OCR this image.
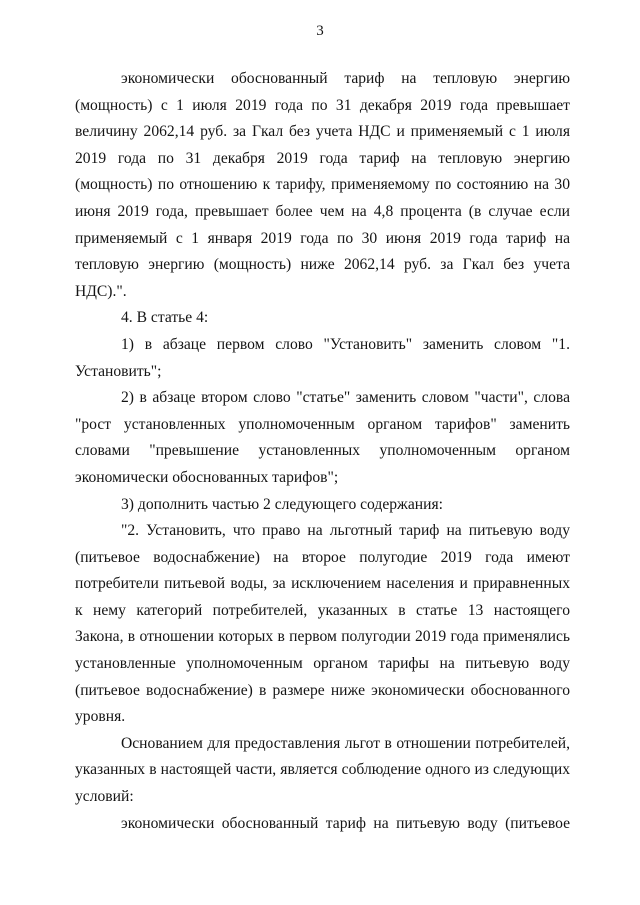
3

экономически обоснованный тариф на тепловую энергию (мощность) с 1 июля 2019 года по 31 декабря 2019 года превышает величину 2062,14 руб. за Гкал без учета НДС и применяемый с 1 июля 2019 года по 31 декабря 2019 года тариф на тепловую энергию (мощность) по отношению к тарифу, применяемому по состоянию на 30 июня 2019 года, превышает более чем на 4,8 процента (в случае если применяемый с 1 января 2019 года по 30 июня 2019 года тариф на тепловую энергию (мощность) ниже 2062,14 руб. за Гкал без учета НДС).".

4. В статье 4:

1) в абзаце первом слово "Установить" заменить словом "1. Установить";

2) в абзаце втором слово "статье" заменить словом "части", слова "рост установленных уполномоченным органом тарифов" заменить словами "превышение установленных уполномоченным органом экономически обоснованных тарифов";

3) дополнить частью 2 следующего содержания:

"2. Установить, что право на льготный тариф на питьевую воду (питьевое водоснабжение) на второе полугодие 2019 года имеют потребители питьевой воды, за исключением населения и приравненных к нему категорий потребителей, указанных в статье 13 настоящего Закона, в отношении которых в первом полугодии 2019 года применялись установленные уполномоченным органом тарифы на питьевую воду (питьевое водоснабжение) в размере ниже экономически обоснованного уровня.

Основанием для предоставления льгот в отношении потребителей, указанных в настоящей части, является соблюдение одного из следующих условий:

экономически обоснованный тариф на питьевую воду (питьевое
